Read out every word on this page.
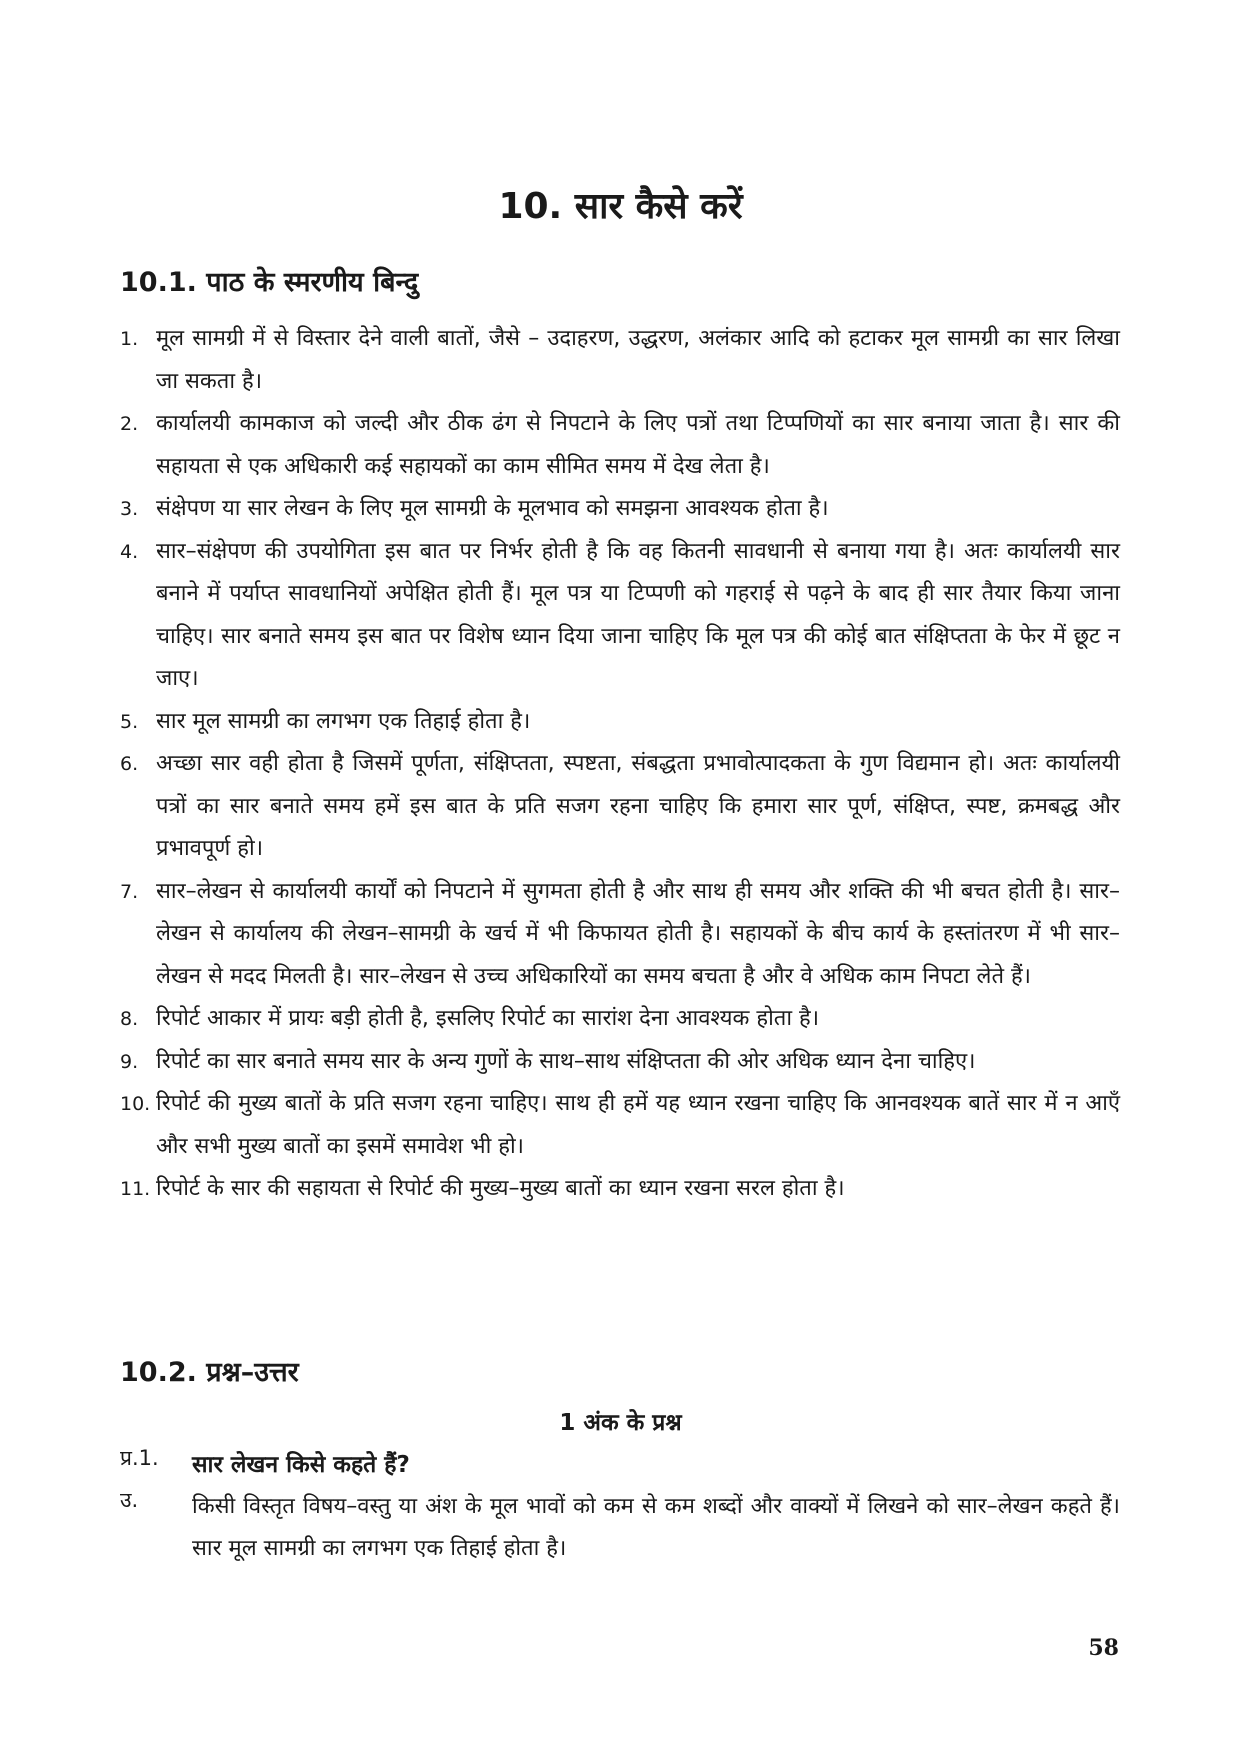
10. सार कैसे करें
10.1. पाठ के स्मरणीय बिन्दु
1. मूल सामग्री में से विस्तार देने वाली बातों, जैसे – उदाहरण, उद्धरण, अलंकार आदि को हटाकर मूल सामग्री का सार लिखा जा सकता है।
2. कार्यालयी कामकाज को जल्दी और ठीक ढंग से निपटाने के लिए पत्रों तथा टिप्पणियों का सार बनाया जाता है। सार की सहायता से एक अधिकारी कई सहायकों का काम सीमित समय में देख लेता है।
3. संक्षेपण या सार लेखन के लिए मूल सामग्री के मूलभाव को समझना आवश्यक होता है।
4. सार–संक्षेपण की उपयोगिता इस बात पर निर्भर होती है कि वह कितनी सावधानी से बनाया गया है। अतः कार्यालयी सार बनाने में पर्याप्त सावधानियों अपेक्षित होती हैं। मूल पत्र या टिप्पणी को गहराई से पढ़ने के बाद ही सार तैयार किया जाना चाहिए। सार बनाते समय इस बात पर विशेष ध्यान दिया जाना चाहिए कि मूल पत्र की कोई बात संक्षिप्तता के फेर में छूट न जाए।
5. सार मूल सामग्री का लगभग एक तिहाई होता है।
6. अच्छा सार वही होता है जिसमें पूर्णता, संक्षिप्तता, स्पष्टता, संबद्धता प्रभावोत्पादकता के गुण विद्यमान हो। अतः कार्यालयी पत्रों का सार बनाते समय हमें इस बात के प्रति सजग रहना चाहिए कि हमारा सार पूर्ण, संक्षिप्त, स्पष्ट, क्रमबद्ध और प्रभावपूर्ण हो।
7. सार–लेखन से कार्यालयी कार्यों को निपटाने में सुगमता होती है और साथ ही समय और शक्ति की भी बचत होती है। सार–लेखन से कार्यालय की लेखन–सामग्री के खर्च में भी किफायत होती है। सहायकों के बीच कार्य के हस्तांतरण में भी सार–लेखन से मदद मिलती है। सार–लेखन से उच्च अधिकारियों का समय बचता है और वे अधिक काम निपटा लेते हैं।
8. रिपोर्ट आकार में प्रायः बड़ी होती है, इसलिए रिपोर्ट का सारांश देना आवश्यक होता है।
9. रिपोर्ट का सार बनाते समय सार के अन्य गुणों के साथ–साथ संक्षिप्तता की ओर अधिक ध्यान देना चाहिए।
10. रिपोर्ट की मुख्य बातों के प्रति सजग रहना चाहिए। साथ ही हमें यह ध्यान रखना चाहिए कि आनवश्यक बातें सार में न आएँ और सभी मुख्य बातों का इसमें समावेश भी हो।
11. रिपोर्ट के सार की सहायता से रिपोर्ट की मुख्य–मुख्य बातों का ध्यान रखना सरल होता है।
10.2. प्रश्न–उत्तर
1 अंक के प्रश्न
प्र.1. सार लेखन किसे कहते हैं?
उ. किसी विस्तृत विषय–वस्तु या अंश के मूल भावों को कम से कम शब्दों और वाक्यों में लिखने को सार–लेखन कहते हैं। सार मूल सामग्री का लगभग एक तिहाई होता है।
58
